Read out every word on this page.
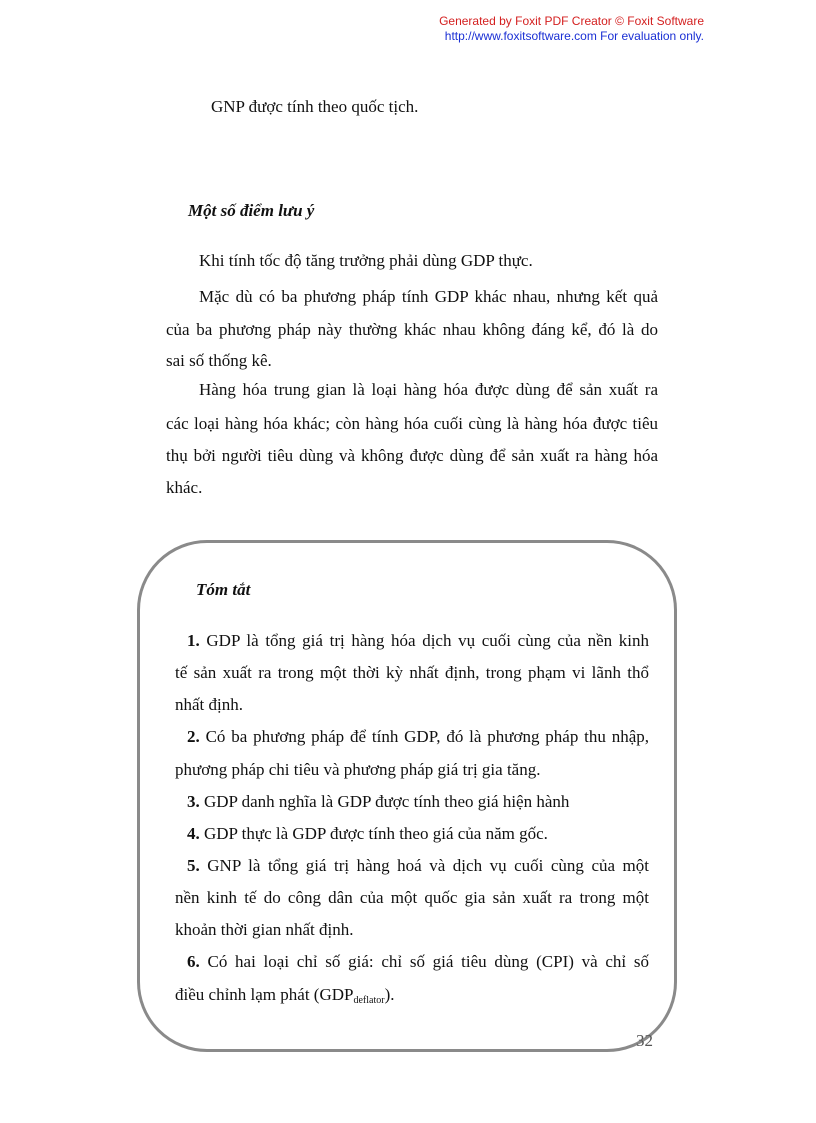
Generated by Foxit PDF Creator © Foxit Software
http://www.foxitsoftware.com For evaluation only.

GNP được tính theo quốc tịch.

Một số điểm lưu ý

Khi tính tốc độ tăng trưởng phải dùng GDP thực.

Mặc dù có ba phương pháp tính GDP khác nhau, nhưng kết quả

của ba phương pháp này thường khác nhau không đáng kể, đó là do

sai số thống kê.

Hàng hóa trung gian là loại hàng hóa được dùng để sản xuất ra

các loại hàng hóa khác; còn hàng hóa cuối cùng là hàng hóa được tiêu

thụ bởi người tiêu dùng và không được dùng để sản xuất ra hàng hóa

khác.

Tóm tắt

1. GDP là tổng giá trị hàng hóa dịch vụ cuối cùng của nền kinh

tế sản xuất ra trong một thời kỳ nhất định, trong phạm vi lãnh thổ

nhất định.

2. Có ba phương pháp để tính GDP, đó là phương pháp thu nhập,

phương pháp chi tiêu và phương pháp giá trị gia tăng.

3. GDP danh nghĩa là GDP được tính theo giá hiện hành

4. GDP thực là GDP được tính theo giá của năm gốc.

5. GNP là tổng giá trị hàng hoá và dịch vụ cuối cùng của một

nền kinh tế do công dân của một quốc gia sản xuất ra trong một

khoản thời gian nhất định.

6. Có hai loại chỉ số giá: chỉ số giá tiêu dùng (CPI) và chỉ số

điều chỉnh lạm phát $(GDP_{deflator})$.

32
